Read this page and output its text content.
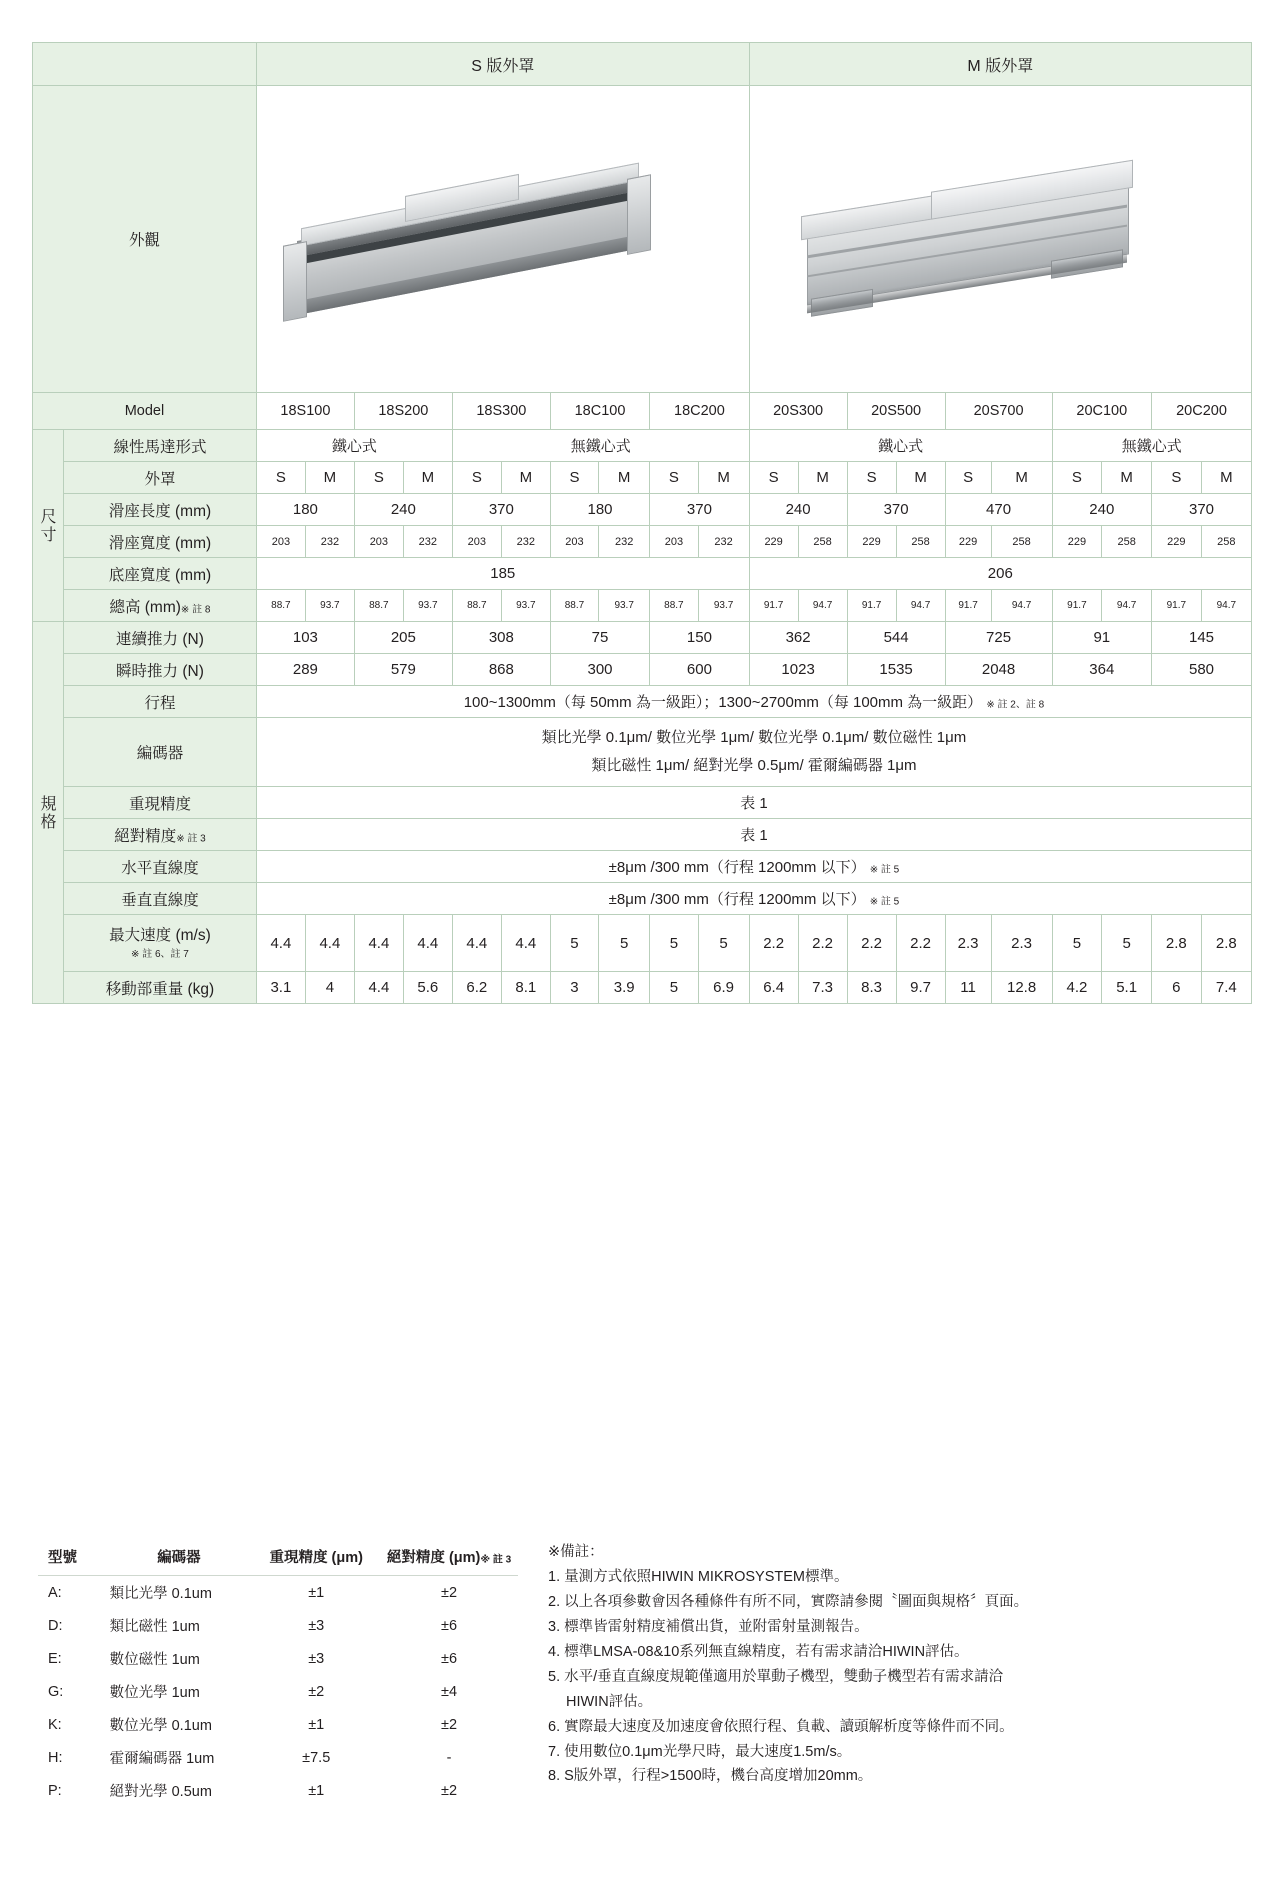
		S 版外罩										M 版外罩									
外觀																				

Model		18S100		18S200		18S300		18C100		18C200		20S300		20S500		20S700		20C100		20C200	

尺寸	線性馬達形式	鐵心式				無鐵心式						鐵心式						無鐵心式			
	外罩	S	M	S	M	S	M	S	M	S	M	S	M	S	M	S	M	S	M	S	M
	滑座長度 (mm)	180		240		370		180		370		240		370		470		240		370	
	滑座寬度 (mm)	203	232	203	232	203	232	203	232	203	232	229	258	229	258	229	258	229	258	229	258
	底座寬度 (mm)	185										206									
	總高 (mm)※ 註 8	88.7	93.7	88.7	93.7	88.7	93.7	88.7	93.7	88.7	93.7	91.7	94.7	91.7	94.7	91.7	94.7	91.7	94.7	91.7	94.7

規格	連續推力 (N)	103		205		308		75		150		362		544		725		91		145	
	瞬時推力 (N)	289		579		868		300		600		1023		1535		2048		364		580	
	行程	100~1300mm（每 50mm 為一級距）；1300~2700mm（每 100mm 為一級距） ※ 註 2、註 8																			
	編碼器	類比光學 0.1μm/ 數位光學 1μm/ 數位光學 0.1μm/ 數位磁性 1μm
類比磁性 1μm/ 絕對光學 0.5μm/ 霍爾編碼器 1μm																			

	重現精度	表 1																			
	絕對精度※ 註 3	表 1																			
	水平直線度	±8μm /300 mm（行程 1200mm 以下） ※ 註 5																			
	垂直直線度	±8μm /300 mm（行程 1200mm 以下） ※ 註 5																			

	最大速度 (m/s)
※ 註 6、註 7	4.4	4.4	4.4	4.4	4.4	4.4	5	5	5	5	2.2	2.2	2.2	2.2	2.3	2.3	5	5	2.8	2.8
	移動部重量 (kg)	3.1	4	4.4	5.6	6.2	8.1	3	3.9	5	6.9	6.4	7.3	8.3	9.7	11	12.8	4.2	5.1	6	7.4
型號	編碼器	重現精度 (μm)	絕對精度 (μm)※ 註 3
A:	類比光學 0.1um	±1	±2
D:	類比磁性 1um	±3	±6
E:	數位磁性 1um	±3	±6
G:	數位光學 1um	±2	±4
K:	數位光學 0.1um	±1	±2
H:	霍爾編碼器 1um	±7.5	-
P:	絕對光學 0.5um	±1	±2
※備註：
1. 量測方式依照HIWIN MIKROSYSTEM標準。
2. 以上各項參數會因各種條件有所不同，實際請參閱〝圖面與規格〞頁面。
3. 標準皆雷射精度補償出貨，並附雷射量測報告。
4. 標準LMSA-08&10系列無直線精度，若有需求請洽HIWIN評估。
5. 水平/垂直直線度規範僅適用於單動子機型，雙動子機型若有需求請洽
HIWIN評估。
6. 實際最大速度及加速度會依照行程、負載、讀頭解析度等條件而不同。
7. 使用數位0.1μm光學尺時，最大速度1.5m/s。
8. S版外罩，行程>1500時，機台高度增加20mm。
